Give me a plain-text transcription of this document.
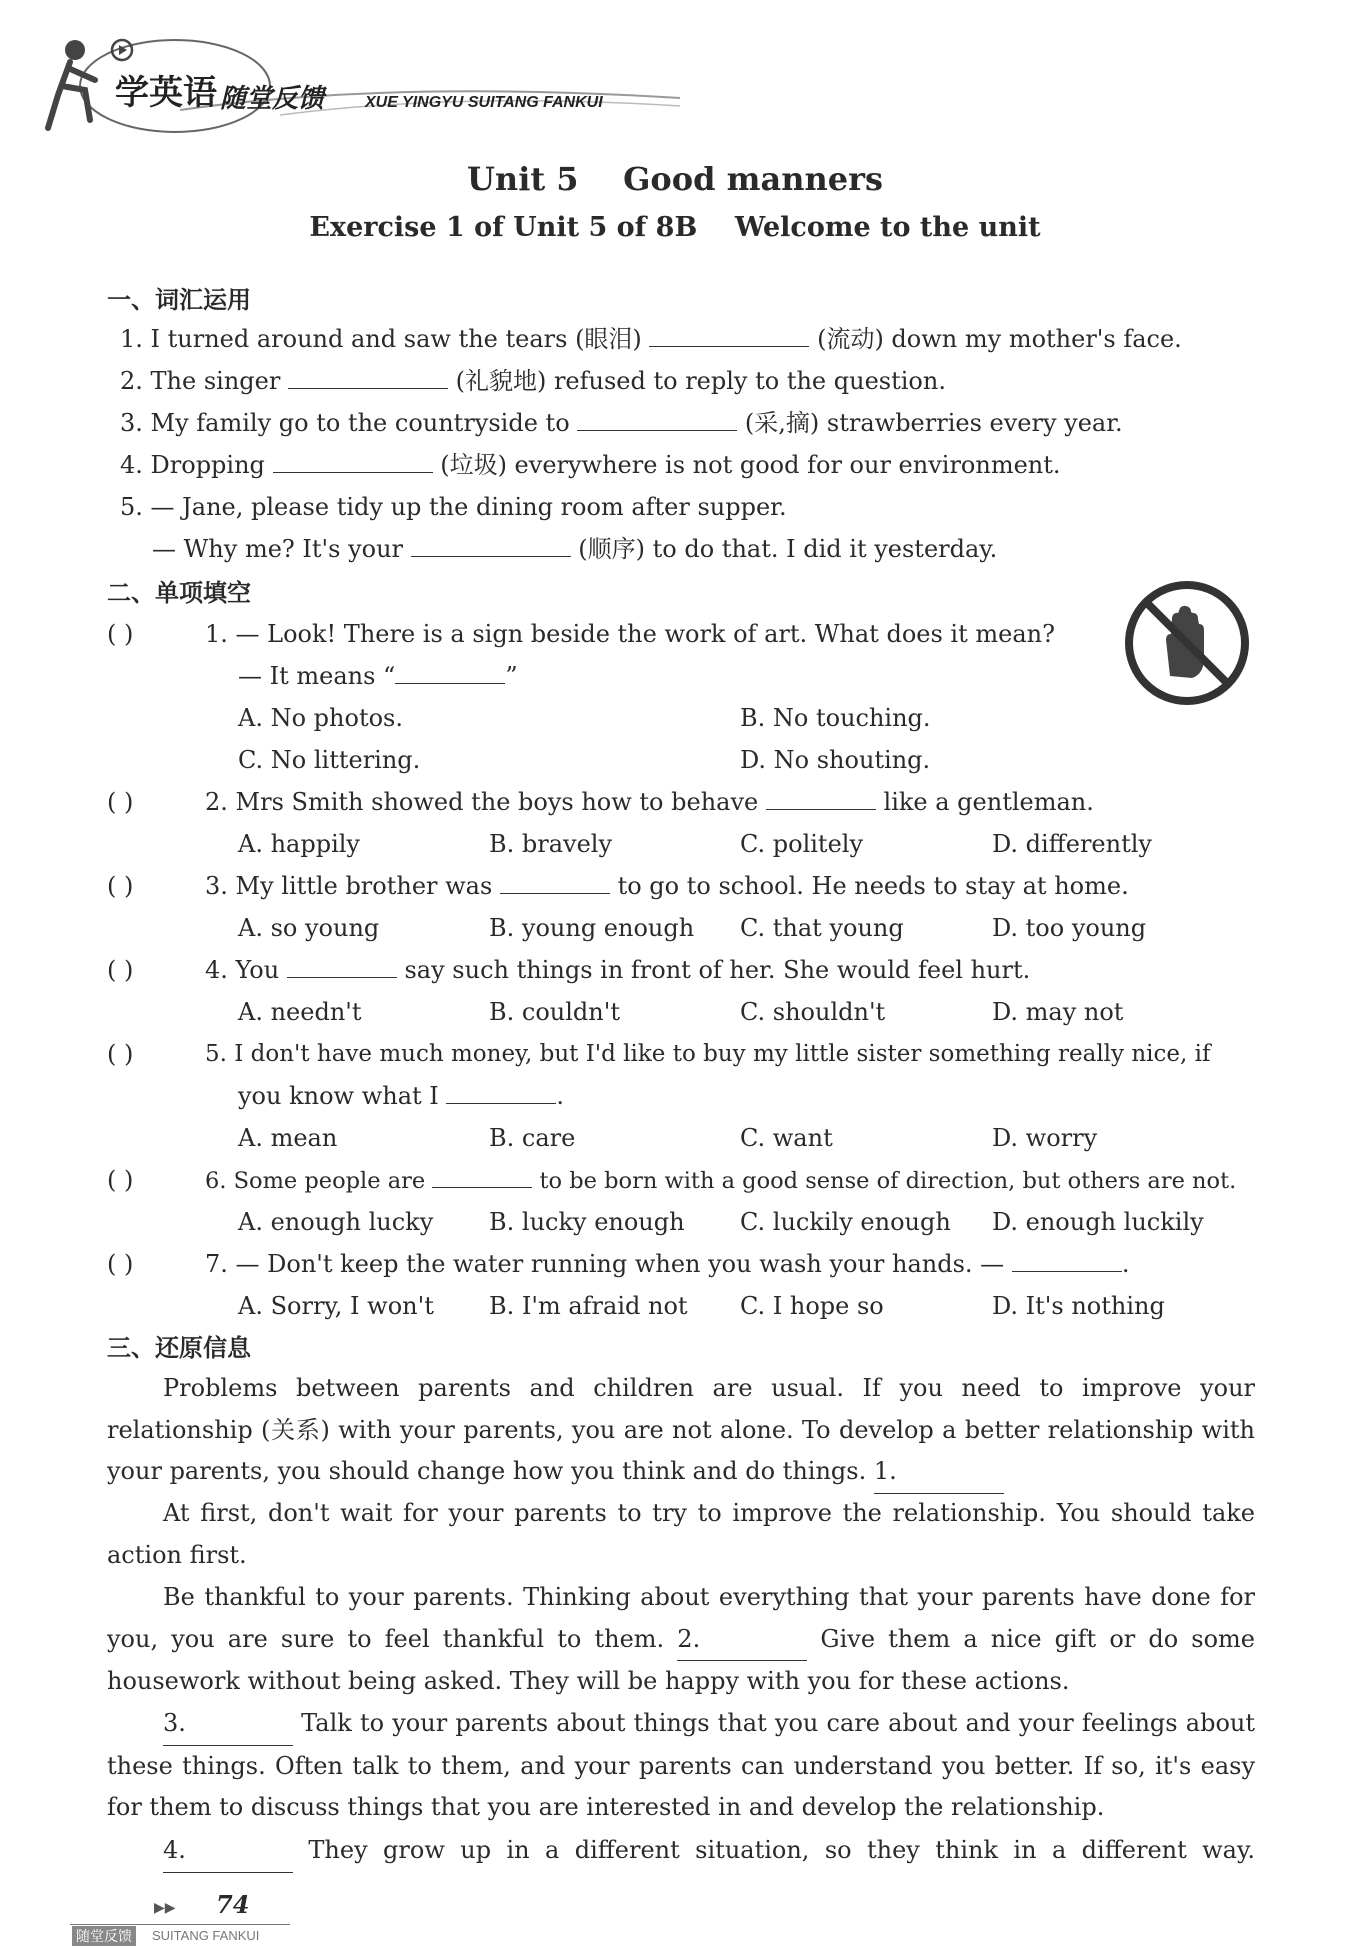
学英语 随堂反馈	XUE YINGYU SUITANG FANKUI
Unit 5    Good manners
Exercise 1 of Unit 5 of 8B    Welcome to the unit
一、词汇运用
1. I turned around and saw the tears (眼泪)	(流动) down my mother's face.
2. The singer	(礼貌地) refused to reply to the question.
3. My family go to the countryside to	(采,摘) strawberries every year.
4. Dropping	(垃圾) everywhere is not good for our environment.
5. — Jane, please tidy up the dining room after supper.
— Why me? It's your	(顺序) to do that. I did it yesterday.
二、单项填空
( )	1. — Look! There is a sign beside the work of art. What does it mean?
— It means “	”
A. No photos.	B. No touching.
C. No littering.	D. No shouting.
( )	2. Mrs Smith showed the boys how to behave	like a gentleman.
A. happily	B. bravely	C. politely	D. differently
( )	3. My little brother was	to go to school. He needs to stay at home.
A. so young	B. young enough C. that young	D. too young
( )	4. You	say such things in front of her. She would feel hurt.
A. needn't	B. couldn't	C. shouldn't	D. may not
( )	5. I don't have much money, but I'd like to buy my little sister something really nice, if
you know what I	.
A. mean	B. care	C. want	D. worry
( )	6. Some people are	to be born with a good sense of direction, but others are not.
A. enough lucky B. lucky enough C. luckily enough D. enough luckily
( )	7. — Don't keep the water running when you wash your hands. —	.
A. Sorry, I won't B. I'm afraid not C. I hope so	D. It's nothing
三、还原信息
Problems between parents and children are usual. If you need to improve your relationship (关系) with your parents, you are not alone. To develop a better relationship with your parents, you should change how you think and do things. 1.
At first, don't wait for your parents to try to improve the relationship. You should take action first.
Be thankful to your parents. Thinking about everything that your parents have done for you, you are sure to feel thankful to them. 2.	Give them a nice gift or do some housework without being asked. They will be happy with you for these actions.
3.	Talk to your parents about things that you care about and your feelings about these things. Often talk to them, and your parents can understand you better. If so, it's easy for them to discuss things that you are interested in and develop the relationship.
4.	They grow up in a different situation, so they think in a different way.
▶▶ 74
随堂反馈	SUITANG FANKUI
